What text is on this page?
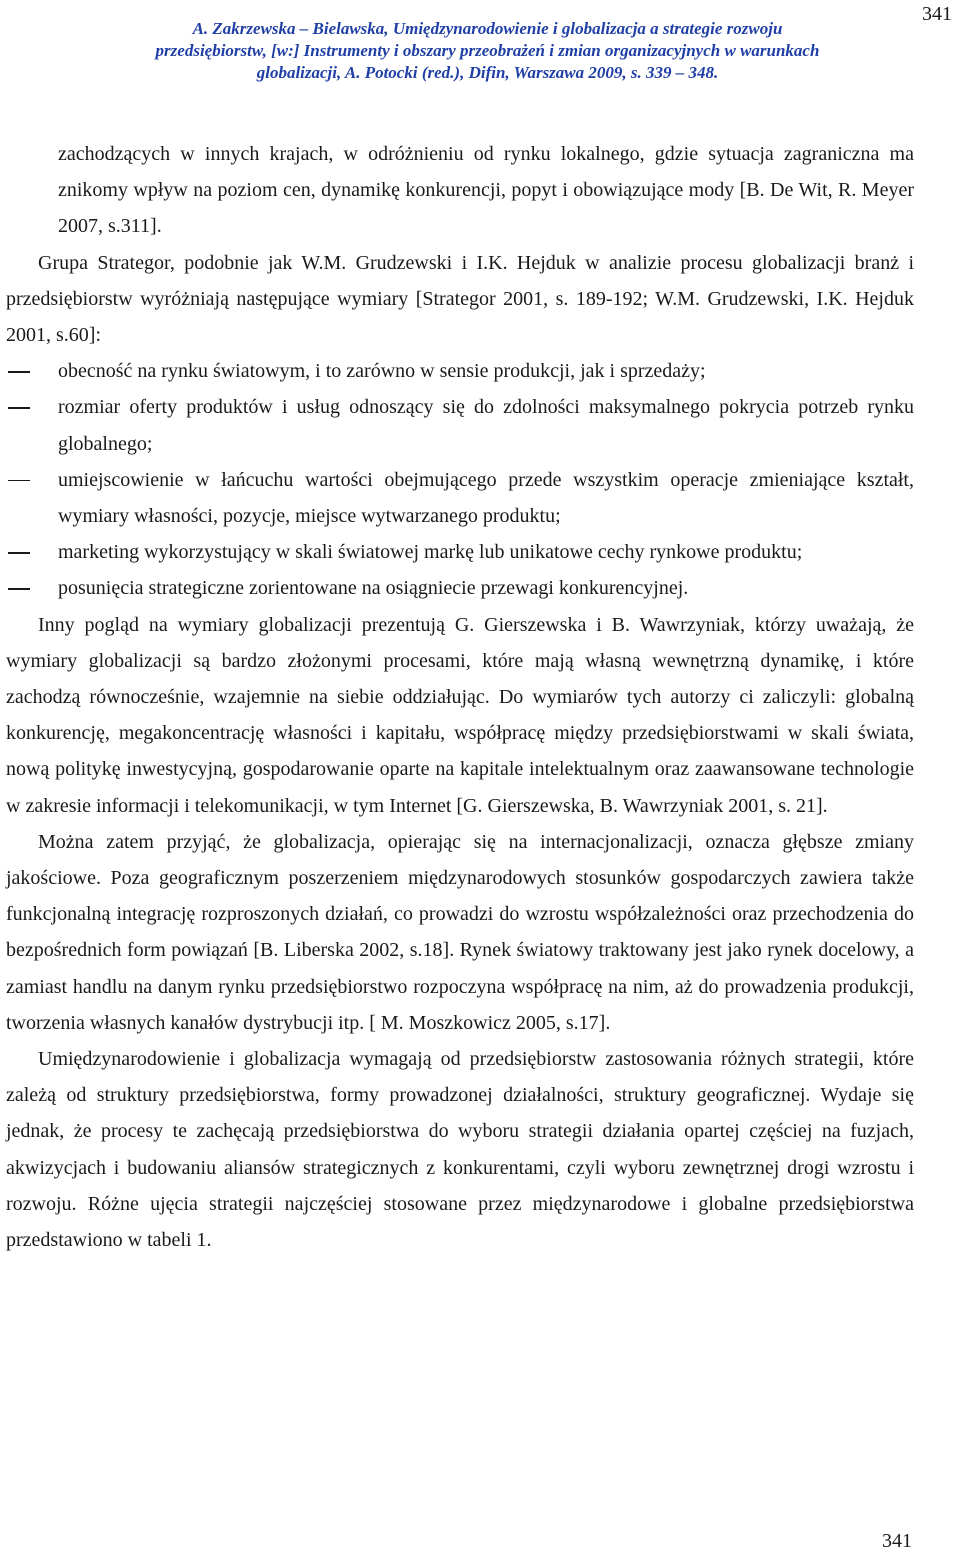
341
A. Zakrzewska – Bielawska, Umiędzynarodowienie i globalizacja a strategie rozwoju
przedsiębiorstw, [w:] Instrumenty i obszary przeobrażeń i zmian organizacyjnych w warunkach
globalizacji, A. Potocki (red.), Difin, Warszawa 2009, s. 339 – 348.

zachodzących w innych krajach, w odróżnieniu od rynku lokalnego, gdzie sytuacja zagraniczna ma znikomy wpływ na poziom cen, dynamikę konkurencji, popyt i obowiązujące mody [B. De Wit, R. Meyer 2007, s.311].

Grupa Strategor, podobnie jak W.M. Grudzewski i I.K. Hejduk w analizie procesu globalizacji branż i przedsiębiorstw wyróżniają następujące wymiary [Strategor 2001, s. 189-192; W.M. Grudzewski, I.K. Hejduk 2001, s.60]:

obecność na rynku światowym, i to zarówno w sensie produkcji, jak i sprzedaży;
rozmiar oferty produktów i usług odnoszący się do zdolności maksymalnego pokrycia potrzeb rynku globalnego;
umiejscowienie w łańcuchu wartości obejmującego przede wszystkim operacje zmieniające kształt, wymiary własności, pozycje, miejsce wytwarzanego produktu;
marketing wykorzystujący w skali światowej markę lub unikatowe cechy rynkowe produktu;
posunięcia strategiczne zorientowane na osiągniecie przewagi konkurencyjnej.

Inny pogląd na wymiary globalizacji prezentują G. Gierszewska i B. Wawrzyniak, którzy uważają, że wymiary globalizacji są bardzo złożonymi procesami, które mają własną wewnętrzną dynamikę, i które zachodzą równocześnie, wzajemnie na siebie oddziałując. Do wymiarów tych autorzy ci zaliczyli: globalną konkurencję, megakoncentrację własności i kapitału, współpracę między przedsiębiorstwami w skali świata, nową politykę inwestycyjną, gospodarowanie oparte na kapitale intelektualnym oraz zaawansowane technologie w zakresie informacji i telekomunikacji, w tym Internet [G. Gierszewska, B. Wawrzyniak 2001, s. 21].

Można zatem przyjąć, że globalizacja, opierając się na internacjonalizacji, oznacza głębsze zmiany jakościowe. Poza geograficznym poszerzeniem międzynarodowych stosunków gospodarczych zawiera także funkcjonalną integrację rozproszonych działań, co prowadzi do wzrostu współzależności oraz przechodzenia do bezpośrednich form powiązań [B. Liberska 2002, s.18]. Rynek światowy traktowany jest jako rynek docelowy, a zamiast handlu na danym rynku przedsiębiorstwo rozpoczyna współpracę na nim, aż do prowadzenia produkcji, tworzenia własnych kanałów dystrybucji itp. [ M. Moszkowicz 2005, s.17].

Umiędzynarodowienie i globalizacja wymagają od przedsiębiorstw zastosowania różnych strategii, które zależą od struktury przedsiębiorstwa, formy prowadzonej działalności, struktury geograficznej. Wydaje się jednak, że procesy te zachęcają przedsiębiorstwa do wyboru strategii działania opartej częściej na fuzjach, akwizycjach i budowaniu aliansów strategicznych z konkurentami, czyli wyboru zewnętrznej drogi wzrostu i rozwoju. Różne ujęcia strategii najczęściej stosowane przez międzynarodowe i globalne przedsiębiorstwa przedstawiono w tabeli 1.

341
